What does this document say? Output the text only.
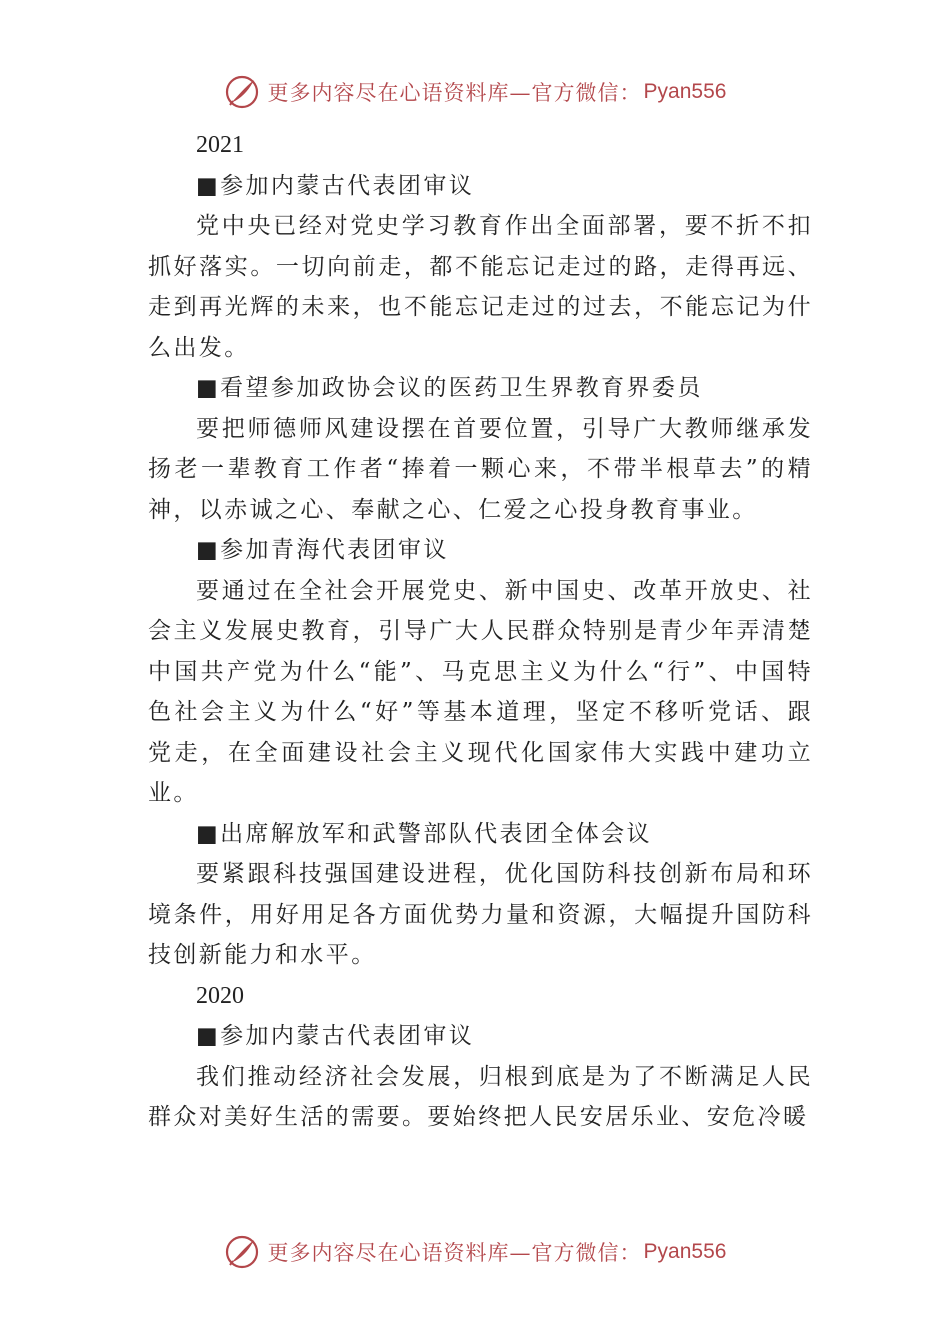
更多内容尽在心语资料库—官方微信： Pyan556

2021

■参加内蒙古代表团审议

党中央已经对党史学习教育作出全面部署，要不折不扣抓好落实。一切向前走，都不能忘记走过的路，走得再远、 走到再光辉的未来，也不能忘记走过的过去，不能忘记为什么出发。

■看望参加政协会议的医药卫生界教育界委员

要把师德师风建设摆在首要位置，引导广大教师继承发扬老一辈教育工作者“捧着一颗心来，不带半根草去”的精神，以赤诚之心、奉献之心、仁爱之心投身教育事业。

■参加青海代表团审议

要通过在全社会开展党史、新中国史、改革开放史、社会主义发展史教育，引导广大人民群众特别是青少年弄清楚中国共产党为什么“能”、马克思主义为什么“行”、中国特 色社会主义为什么“好”等基本道理，坚定不移听党话、跟 党走，在全面建设社会主义现代化国家伟大实践中建功立业。

■出席解放军和武警部队代表团全体会议

要紧跟科技强国建设进程，优化国防科技创新布局和环境条件，用好用足各方面优势力量和资源，大幅提升国防科技创新能力和水平。

2020

■参加内蒙古代表团审议

我们推动经济社会发展，归根到底是为了不断满足人民群众对美好生活的需要。要始终把人民安居乐业、安危冷暖

更多内容尽在心语资料库—官方微信： Pyan556
